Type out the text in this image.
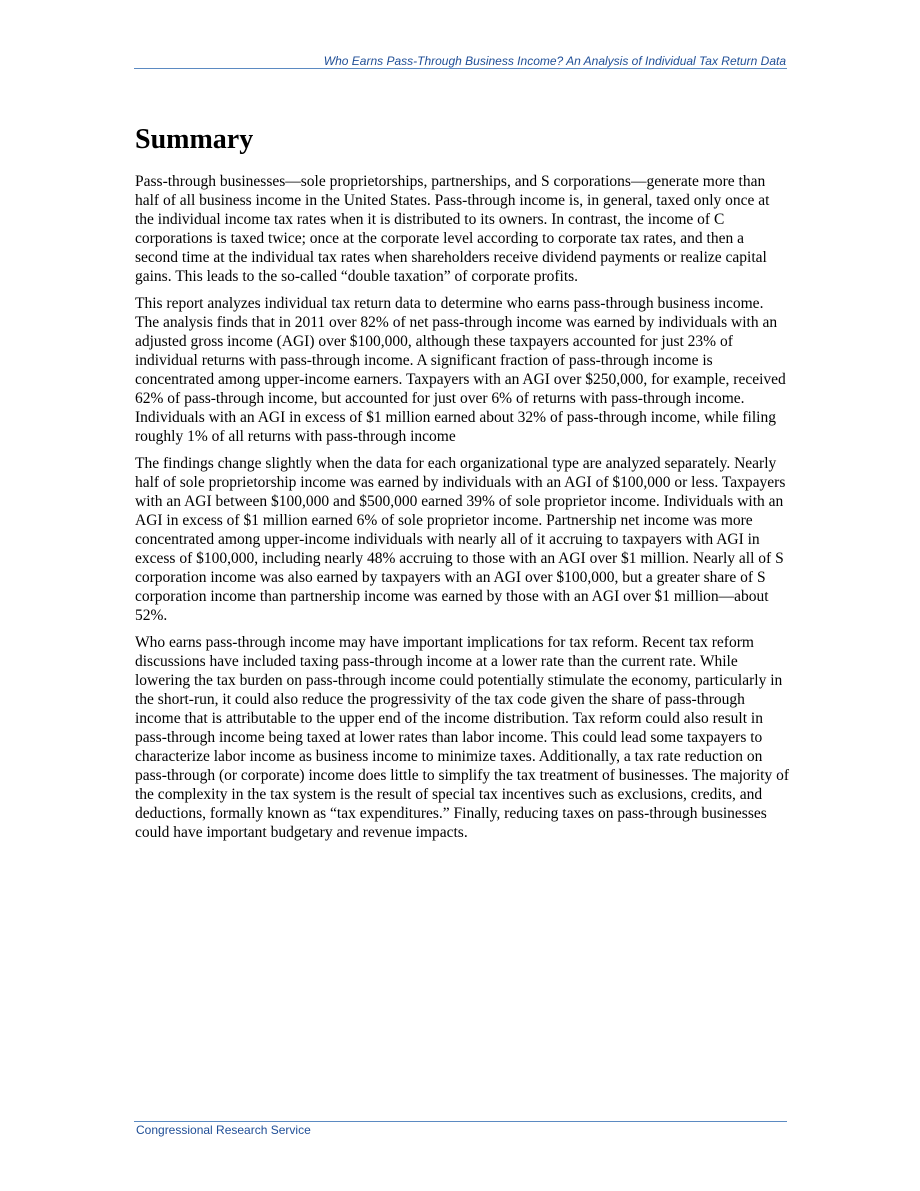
Who Earns Pass-Through Business Income? An Analysis of Individual Tax Return Data
Summary

Pass-through businesses—sole proprietorships, partnerships, and S corporations—generate more than half of all business income in the United States. Pass-through income is, in general, taxed only once at the individual income tax rates when it is distributed to its owners. In contrast, the income of C corporations is taxed twice; once at the corporate level according to corporate tax rates, and then a second time at the individual tax rates when shareholders receive dividend payments or realize capital gains. This leads to the so-called “double taxation” of corporate profits.

This report analyzes individual tax return data to determine who earns pass-through business income. The analysis finds that in 2011 over 82% of net pass-through income was earned by individuals with an adjusted gross income (AGI) over $100,000, although these taxpayers accounted for just 23% of individual returns with pass-through income. A significant fraction of pass-through income is concentrated among upper-income earners. Taxpayers with an AGI over $250,000, for example, received 62% of pass-through income, but accounted for just over 6% of returns with pass-through income. Individuals with an AGI in excess of $1 million earned about 32% of pass-through income, while filing roughly 1% of all returns with pass-through income

The findings change slightly when the data for each organizational type are analyzed separately. Nearly half of sole proprietorship income was earned by individuals with an AGI of $100,000 or less. Taxpayers with an AGI between $100,000 and $500,000 earned 39% of sole proprietor income. Individuals with an AGI in excess of $1 million earned 6% of sole proprietor income. Partnership net income was more concentrated among upper-income individuals with nearly all of it accruing to taxpayers with AGI in excess of $100,000, including nearly 48% accruing to those with an AGI over $1 million. Nearly all of S corporation income was also earned by taxpayers with an AGI over $100,000, but a greater share of S corporation income than partnership income was earned by those with an AGI over $1 million—about 52%.

Who earns pass-through income may have important implications for tax reform. Recent tax reform discussions have included taxing pass-through income at a lower rate than the current rate. While lowering the tax burden on pass-through income could potentially stimulate the economy, particularly in the short-run, it could also reduce the progressivity of the tax code given the share of pass-through income that is attributable to the upper end of the income distribution. Tax reform could also result in pass-through income being taxed at lower rates than labor income. This could lead some taxpayers to characterize labor income as business income to minimize taxes. Additionally, a tax rate reduction on pass-through (or corporate) income does little to simplify the tax treatment of businesses. The majority of the complexity in the tax system is the result of special tax incentives such as exclusions, credits, and deductions, formally known as “tax expenditures.” Finally, reducing taxes on pass-through businesses could have important budgetary and revenue impacts.

Congressional Research Service
